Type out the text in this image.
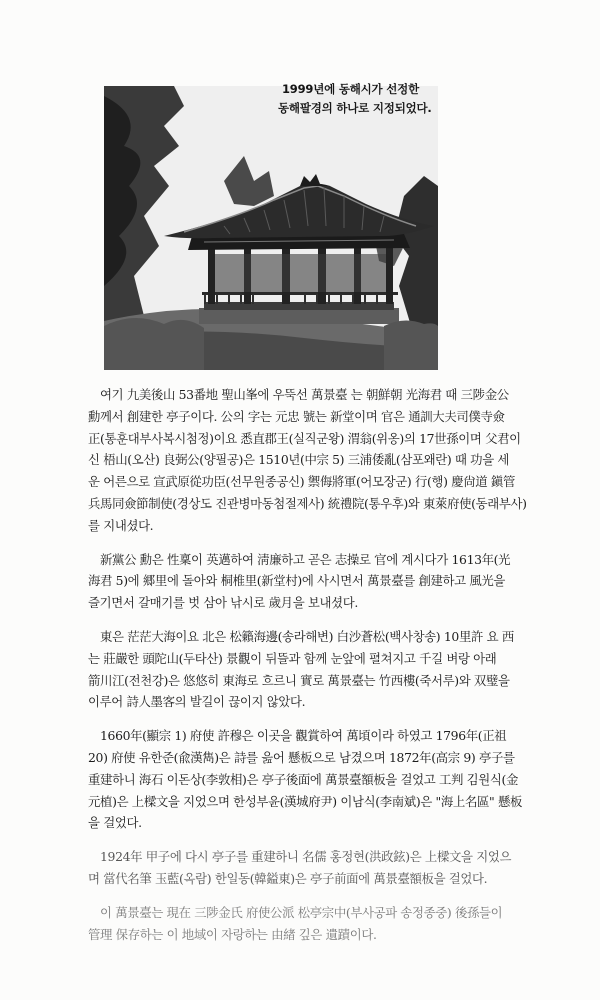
1999년에 동해시가 선정한
동해팔경의 하나로 지정되었다.

여기 九美後山 53番地 聖山峯에 우뚝선 萬景臺 는 朝鮮朝 光海君 때 三陟金公
勳께서 創建한 亭子이다. 公의 字는 元忠 號는 新堂이며 官은 通訓大夫司僕寺僉
正(통훈대부사복시첨정)이요 悉直郡王(실직군왕) 渭翁(위옹)의 17世孫이며 父君이
신 梧山(오산) 良弼公(양필공)은 1510년(中宗 5) 三浦倭亂(삼포왜란) 때 功을 세
운 어른으로 宣武原從功臣(선무원종공신) 禦侮將軍(어모장군) 行(행) 慶尙道 鎭管
兵馬同僉節制使(경상도 진관병마동첨절제사) 統禮院(통우후)와 東萊府使(동래부사)
를 지내셨다.

新黨公 勳은 性稟이 英邁하여 淸廉하고 곧은 志操로 官에 계시다가 1613年(光
海君 5)에 郷里에 돌아와 桐椎里(新堂村)에 사시면서 萬景臺를 創建하고 風光을
즐기면서 갈매기를 벗 삼아 낚시로 歲月을 보내셨다.

東은 茫茫大海이요 北은 松籟海邊(송라해변) 白沙蒼松(백사창송) 10里許 요 西
는 莊嚴한 頭陀山(두타산) 景觀이 뒤뜰과 함께 눈앞에 펼쳐지고 千길 벼랑 아래
箭川江(전천강)은 悠悠히 東海로 흐르니 實로 萬景臺는 竹西樓(죽서루)와 双璧을
이루어 詩人墨客의 발길이 끊이지 않았다.

1660年(顯宗 1) 府使 許穆은 이곳을 觀賞하여 萬頃이라 하였고 1796年(正祖
20) 府使 유한준(兪漢雋)은 詩를 읊어 懸板으로 남겼으며 1872年(高宗 9) 亭子를
重建하니 海石 이돈상(李敦相)은 亭子後面에 萬景臺額板을 걸었고 工判 김원식(金
元植)은 上樑文을 지었으며 한성부윤(漢城府尹) 이남식(李南斌)은 "海上名區" 懸板
을 걸었다.

1924年 甲子에 다시 亭子를 重建하니 名儒 홍정현(洪政鉉)은 上樑文을 지었으
며 當代名筆 玉藍(옥람) 한일동(韓鎰東)은 亭子前面에 萬景臺額板을 걸었다.

이 萬景臺는 現在 三陟金氏 府使公派 松亭宗中(부사공파 송정종중) 後孫들이
管理 保存하는 이 地域이 자랑하는 由緖 깊은 遺蹟이다.
